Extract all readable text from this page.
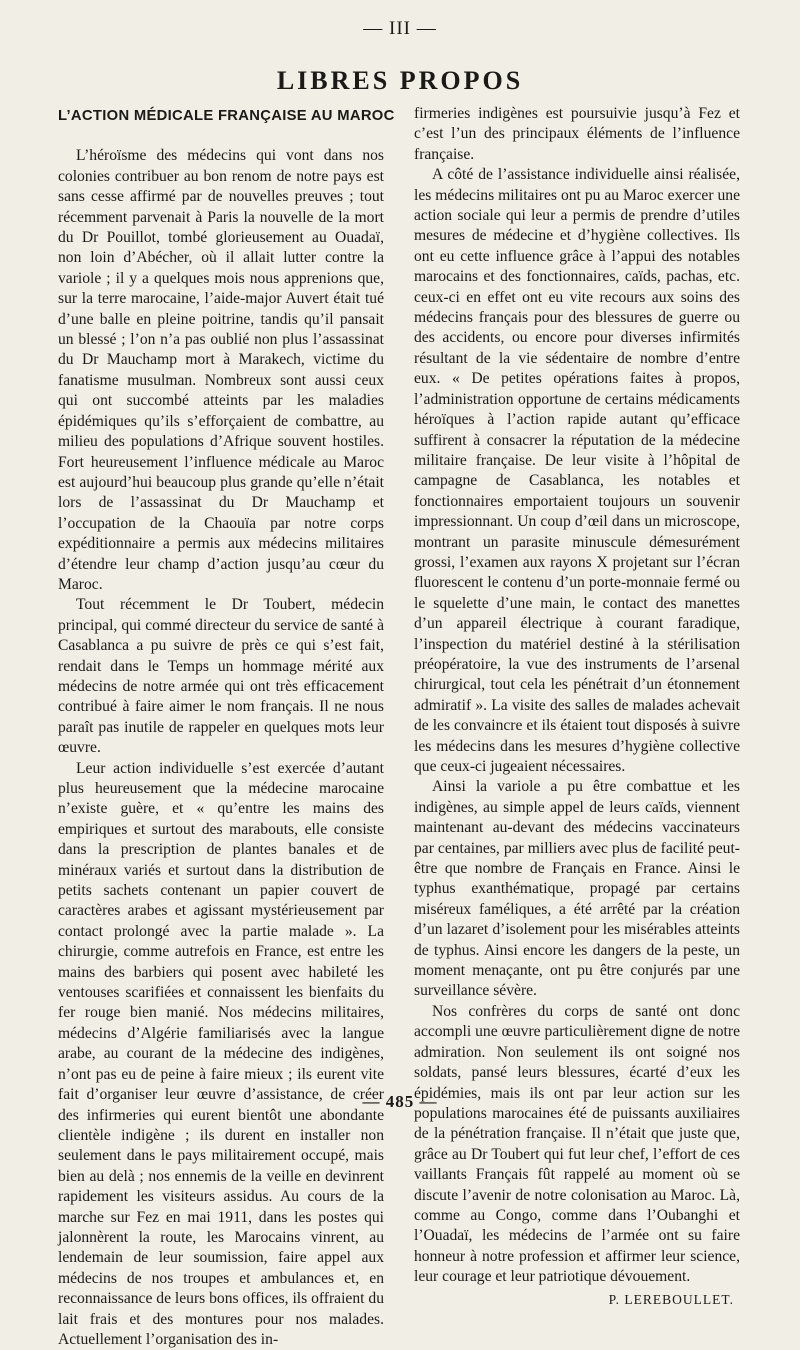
— III —
LIBRES PROPOS
L’ACTION MÉDICALE FRANÇAISE AU MAROC

L’héroïsme des médecins qui vont dans nos colonies contribuer au bon renom de notre pays est sans cesse affirmé par de nouvelles preuves ; tout récemment parvenait à Paris la nouvelle de la mort du Dr Pouillot, tombé glorieusement au Ouadaï, non loin d’Abécher, où il allait lutter contre la variole ; il y a quelques mois nous apprenions que, sur la terre marocaine, l’aide-major Auvert était tué d’une balle en pleine poitrine, tandis qu’il pansait un blessé ; l’on n’a pas oublié non plus l’assassinat du Dr Mauchamp mort à Marakech, victime du fanatisme musulman. Nombreux sont aussi ceux qui ont succombé atteints par les maladies épidémiques qu’ils s’efforçaient de combattre, au milieu des populations d’Afrique souvent hostiles. Fort heureusement l’influence médicale au Maroc est aujourd’hui beaucoup plus grande qu’elle n’était lors de l’assassinat du Dr Mauchamp et l’occupation de la Chaouïa par notre corps expéditionnaire a permis aux médecins militaires d’étendre leur champ d’action jusqu’au cœur du Maroc.

Tout récemment le Dr Toubert, médecin principal, qui commé directeur du service de santé à Casablanca a pu suivre de près ce qui s’est fait, rendait dans le Temps un hommage mérité aux médecins de notre armée qui ont très efficacement contribué à faire aimer le nom français. Il ne nous paraît pas inutile de rappeler en quelques mots leur œuvre.

Leur action individuelle s’est exercée d’autant plus heureusement que la médecine marocaine n’existe guère, et « qu’entre les mains des empiriques et surtout des marabouts, elle consiste dans la prescription de plantes banales et de minéraux variés et surtout dans la distribution de petits sachets contenant un papier couvert de caractères arabes et agissant mystérieusement par contact prolongé avec la partie malade ». La chirurgie, comme autrefois en France, est entre les mains des barbiers qui posent avec habileté les ventouses scarifiées et connaissent les bienfaits du fer rouge bien manié. Nos médecins militaires, médecins d’Algérie familiarisés avec la langue arabe, au courant de la médecine des indigènes, n’ont pas eu de peine à faire mieux ; ils eurent vite fait d’organiser leur œuvre d’assistance, de créer des infirmeries qui eurent bientôt une abondante clientèle indigène ; ils durent en installer non seulement dans le pays militairement occupé, mais bien au delà ; nos ennemis de la veille en devinrent rapidement les visiteurs assidus. Au cours de la marche sur Fez en mai 1911, dans les postes qui jalonnèrent la route, les Marocains vinrent, au lendemain de leur soumission, faire appel aux médecins de nos troupes et ambulances et, en reconnaissance de leurs bons offices, ils offraient du lait frais et des montures pour nos malades. Actuellement l’organisation des in-

firmeries indigènes est poursuivie jusqu’à Fez et c’est l’un des principaux éléments de l’influence française.

A côté de l’assistance individuelle ainsi réalisée, les médecins militaires ont pu au Maroc exercer une action sociale qui leur a permis de prendre d’utiles mesures de médecine et d’hygiène collectives. Ils ont eu cette influence grâce à l’appui des notables marocains et des fonctionnaires, caïds, pachas, etc. ceux-ci en effet ont eu vite recours aux soins des médecins français pour des blessures de guerre ou des accidents, ou encore pour diverses infirmités résultant de la vie sédentaire de nombre d’entre eux. « De petites opérations faites à propos, l’administration opportune de certains médicaments héroïques à l’action rapide autant qu’efficace suffirent à consacrer la réputation de la médecine militaire française. De leur visite à l’hôpital de campagne de Casablanca, les notables et fonctionnaires emportaient toujours un souvenir impressionnant. Un coup d’œil dans un microscope, montrant un parasite minuscule démesurément grossi, l’examen aux rayons X projetant sur l’écran fluorescent le contenu d’un porte-monnaie fermé ou le squelette d’une main, le contact des manettes d’un appareil électrique à courant faradique, l’inspection du matériel destiné à la stérilisation préopératoire, la vue des instruments de l’arsenal chirurgical, tout cela les pénétrait d’un étonnement admiratif ». La visite des salles de malades achevait de les convaincre et ils étaient tout disposés à suivre les médecins dans les mesures d’hygiène collective que ceux-ci jugeaient nécessaires.

Ainsi la variole a pu être combattue et les indigènes, au simple appel de leurs caïds, viennent maintenant au-devant des médecins vaccinateurs par centaines, par milliers avec plus de facilité peut-être que nombre de Français en France. Ainsi le typhus exanthématique, propagé par certains miséreux faméliques, a été arrêté par la création d’un lazaret d’isolement pour les misérables atteints de typhus. Ainsi encore les dangers de la peste, un moment menaçante, ont pu être conjurés par une surveillance sévère.

Nos confrères du corps de santé ont donc accompli une œuvre particulièrement digne de notre admiration. Non seulement ils ont soigné nos soldats, pansé leurs blessures, écarté d’eux les épidémies, mais ils ont par leur action sur les populations marocaines été de puissants auxiliaires de la pénétration française. Il n’était que juste que, grâce au Dr Toubert qui fut leur chef, l’effort de ces vaillants Français fût rappelé au moment où se discute l’avenir de notre colonisation au Maroc. Là, comme au Congo, comme dans l’Oubanghi et l’Ouadaï, les médecins de l’armée ont su faire honneur à notre profession et affirmer leur science, leur courage et leur patriotique dévouement.

P. LEREBOULLET.
— 485 —
